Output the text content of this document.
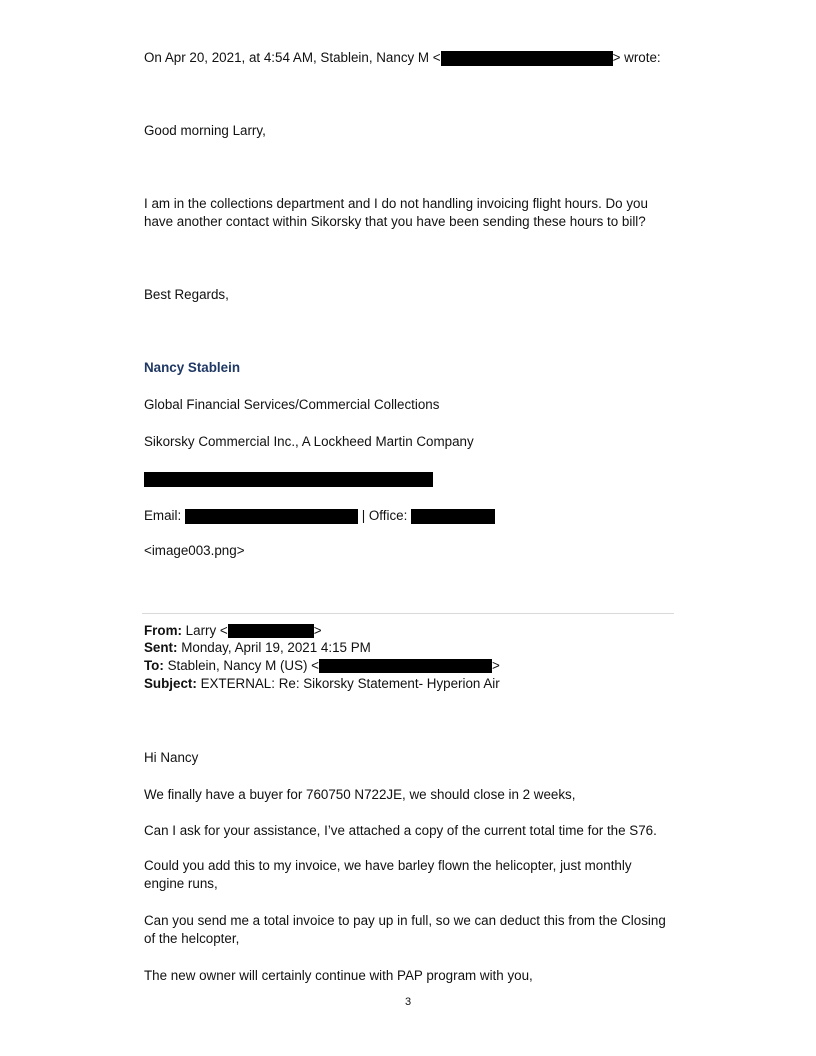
On Apr 20, 2021, at 4:54 AM, Stablein, Nancy M <	> wrote:
Good morning Larry,
I am in the collections department and I do not handling invoicing flight hours. Do you
have another contact within Sikorsky that you have been sending these hours to bill?
Best Regards,
Nancy Stablein
Global Financial Services/Commercial Collections
Sikorsky Commercial Inc., A Lockheed Martin Company
Email:	| Office:
<image003.png>
From: Larry <	>
Sent: Monday, April 19, 2021 4:15 PM
To: Stablein, Nancy M (US) <	>
Subject: EXTERNAL: Re: Sikorsky Statement- Hyperion Air
Hi Nancy
We finally have a buyer for 760750 N722JE, we should close in 2 weeks,
Can I ask for your assistance, I’ve attached a copy of the current total time for the S76.
Could you add this to my invoice, we have barley flown the helicopter, just monthly
engine runs,
Can you send me a total invoice to pay up in full, so we can deduct this from the Closing
of the helcopter,
The new owner will certainly continue with PAP program with you,
3
